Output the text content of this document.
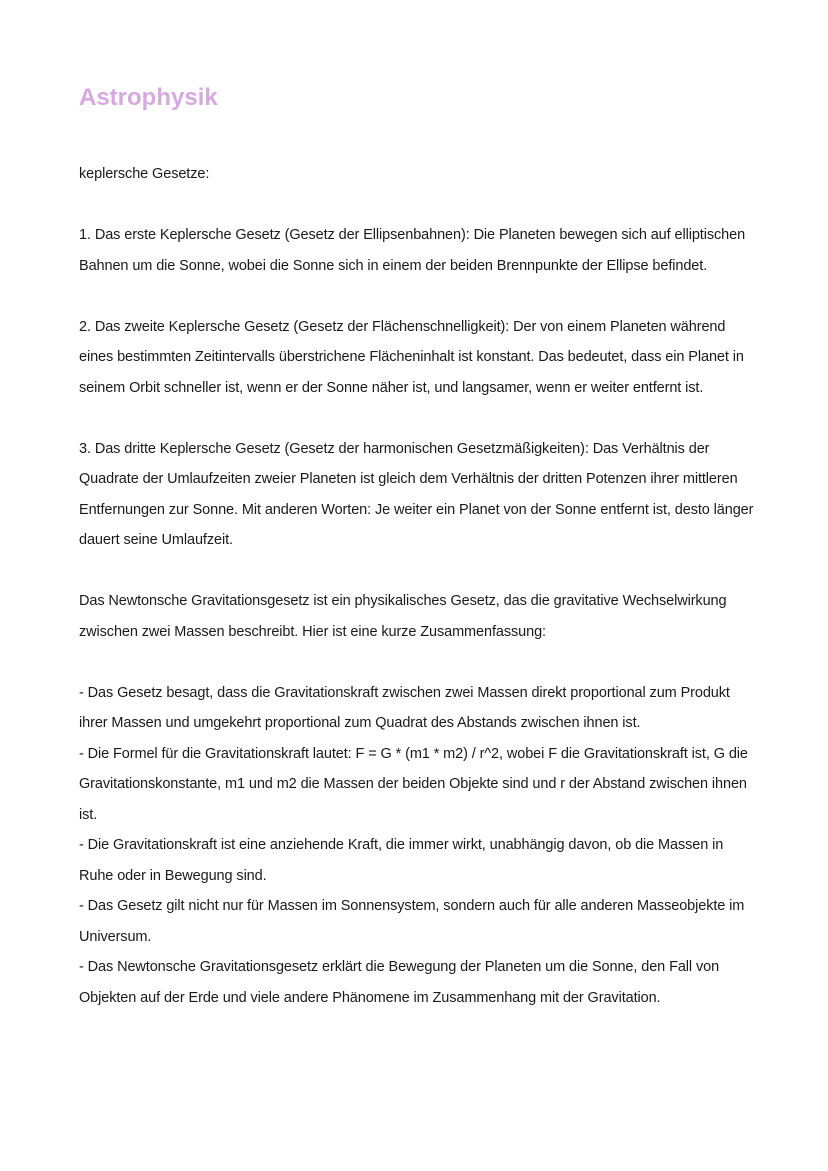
Astrophysik

keplersche Gesetze:

1. Das erste Keplersche Gesetz (Gesetz der Ellipsenbahnen): Die Planeten bewegen sich auf elliptischen Bahnen um die Sonne, wobei die Sonne sich in einem der beiden Brennpunkte der Ellipse befindet.

2. Das zweite Keplersche Gesetz (Gesetz der Flächenschnelligkeit): Der von einem Planeten während eines bestimmten Zeitintervalls überstrichene Flächeninhalt ist konstant. Das bedeutet, dass ein Planet in seinem Orbit schneller ist, wenn er der Sonne näher ist, und langsamer, wenn er weiter entfernt ist.

3. Das dritte Keplersche Gesetz (Gesetz der harmonischen Gesetzmäßigkeiten): Das Verhältnis der Quadrate der Umlaufzeiten zweier Planeten ist gleich dem Verhältnis der dritten Potenzen ihrer mittleren Entfernungen zur Sonne. Mit anderen Worten: Je weiter ein Planet von der Sonne entfernt ist, desto länger dauert seine Umlaufzeit.

Das Newtonsche Gravitationsgesetz ist ein physikalisches Gesetz, das die gravitative Wechselwirkung zwischen zwei Massen beschreibt. Hier ist eine kurze Zusammenfassung:

- Das Gesetz besagt, dass die Gravitationskraft zwischen zwei Massen direkt proportional zum Produkt ihrer Massen und umgekehrt proportional zum Quadrat des Abstands zwischen ihnen ist.

- Die Formel für die Gravitationskraft lautet: F = G * (m1 * m2) / r^2, wobei F die Gravitationskraft ist, G die Gravitationskonstante, m1 und m2 die Massen der beiden Objekte sind und r der Abstand zwischen ihnen ist.

- Die Gravitationskraft ist eine anziehende Kraft, die immer wirkt, unabhängig davon, ob die Massen in Ruhe oder in Bewegung sind.

- Das Gesetz gilt nicht nur für Massen im Sonnensystem, sondern auch für alle anderen Masseobjekte im Universum.

- Das Newtonsche Gravitationsgesetz erklärt die Bewegung der Planeten um die Sonne, den Fall von Objekten auf der Erde und viele andere Phänomene im Zusammenhang mit der Gravitation.
